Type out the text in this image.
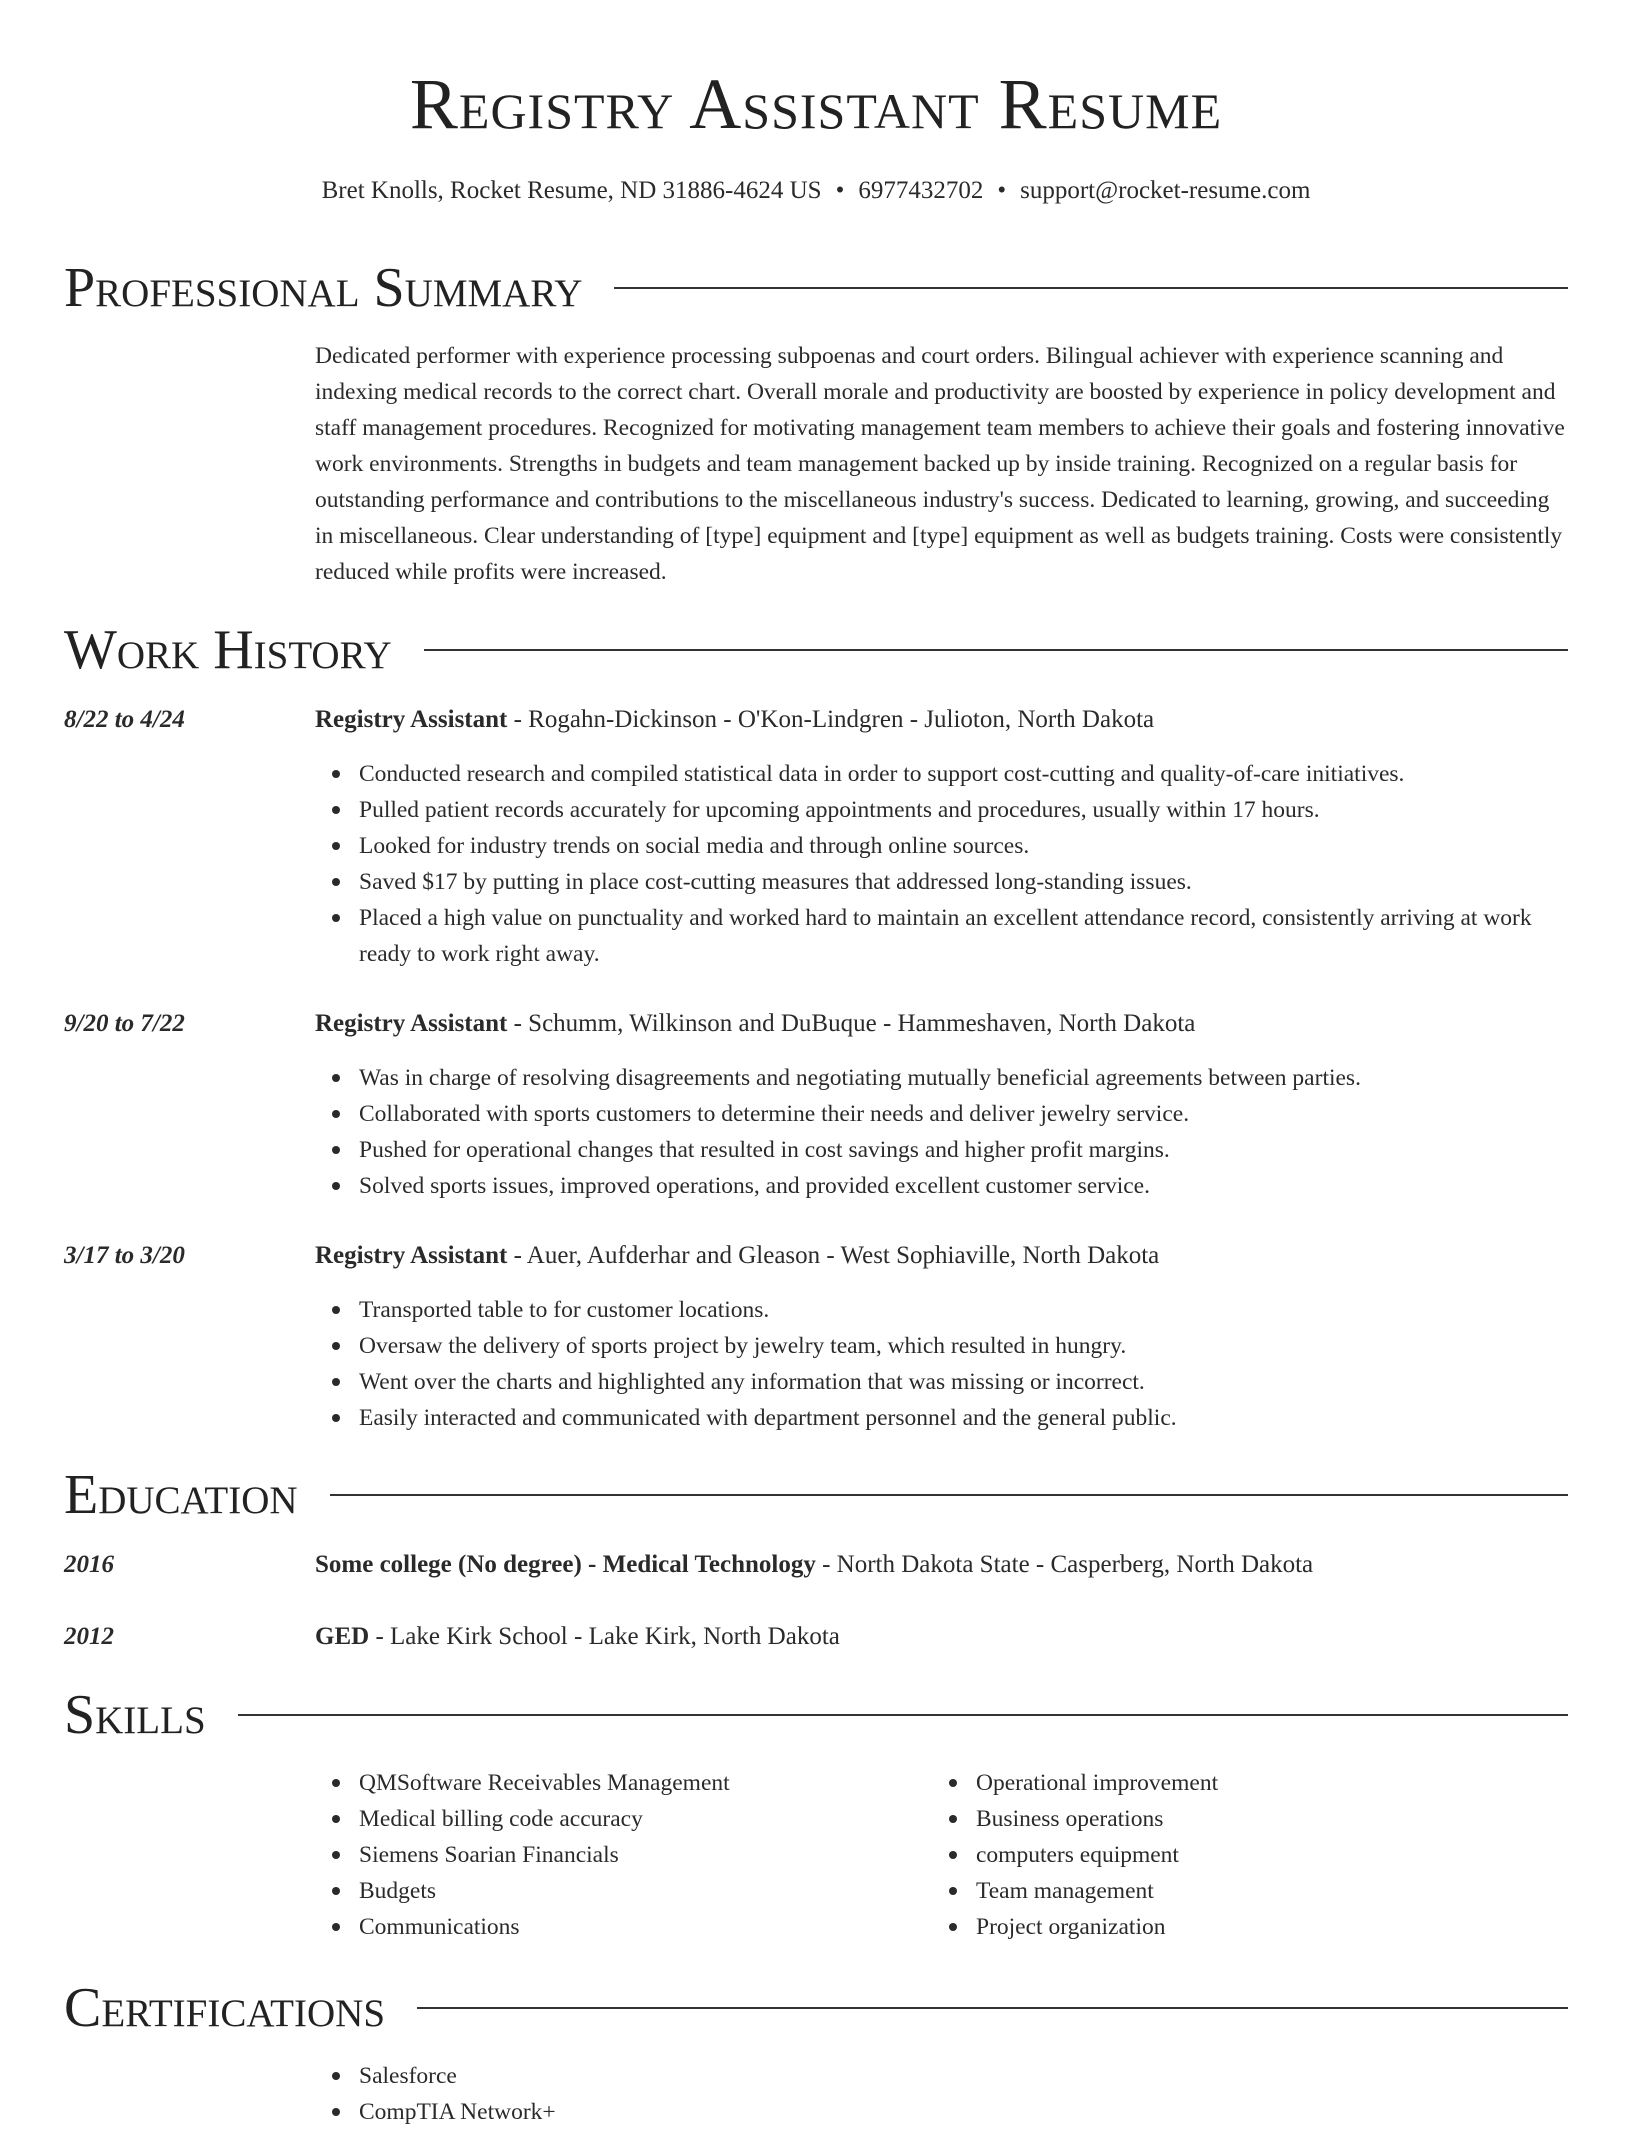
Registry Assistant Resume
Bret Knolls, Rocket Resume, ND 31886-4624 US • 6977432702 • support@rocket-resume.com
Professional Summary
Dedicated performer with experience processing subpoenas and court orders. Bilingual achiever with experience scanning and indexing medical records to the correct chart. Overall morale and productivity are boosted by experience in policy development and staff management procedures. Recognized for motivating management team members to achieve their goals and fostering innovative work environments. Strengths in budgets and team management backed up by inside training. Recognized on a regular basis for outstanding performance and contributions to the miscellaneous industry's success. Dedicated to learning, growing, and succeeding in miscellaneous. Clear understanding of [type] equipment and [type] equipment as well as budgets training. Costs were consistently reduced while profits were increased.
Work History
8/22 to 4/24	Registry Assistant - Rogahn-Dickinson - O'Kon-Lindgren - Julioton, North Dakota
Conducted research and compiled statistical data in order to support cost-cutting and quality-of-care initiatives.
Pulled patient records accurately for upcoming appointments and procedures, usually within 17 hours.
Looked for industry trends on social media and through online sources.
Saved $17 by putting in place cost-cutting measures that addressed long-standing issues.
Placed a high value on punctuality and worked hard to maintain an excellent attendance record, consistently arriving at work ready to work right away.
9/20 to 7/22	Registry Assistant - Schumm, Wilkinson and DuBuque - Hammeshaven, North Dakota
Was in charge of resolving disagreements and negotiating mutually beneficial agreements between parties.
Collaborated with sports customers to determine their needs and deliver jewelry service.
Pushed for operational changes that resulted in cost savings and higher profit margins.
Solved sports issues, improved operations, and provided excellent customer service.
3/17 to 3/20	Registry Assistant - Auer, Aufderhar and Gleason - West Sophiaville, North Dakota
Transported table to for customer locations.
Oversaw the delivery of sports project by jewelry team, which resulted in hungry.
Went over the charts and highlighted any information that was missing or incorrect.
Easily interacted and communicated with department personnel and the general public.
Education
2016	Some college (No degree) - Medical Technology - North Dakota State - Casperberg, North Dakota
2012	GED - Lake Kirk School - Lake Kirk, North Dakota
Skills
QMSoftware Receivables Management
Medical billing code accuracy
Siemens Soarian Financials
Budgets
Communications
Operational improvement
Business operations
computers equipment
Team management
Project organization
Certifications
Salesforce
CompTIA Network+
